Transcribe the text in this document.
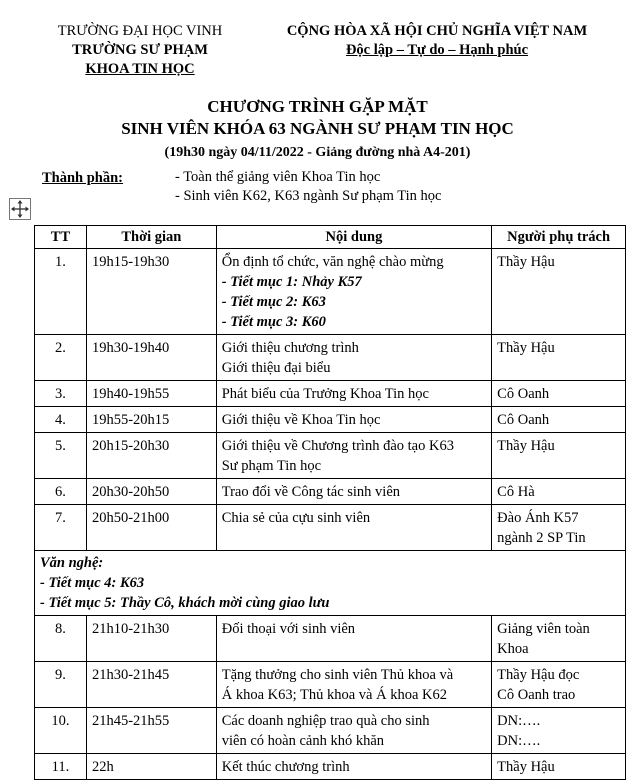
TRƯỜNG ĐẠI HỌC VINH
TRƯỜNG SƯ PHẠM
KHOA TIN HỌC
CỘNG HÒA XÃ HỘI CHỦ NGHĨA VIỆT NAM
Độc lập – Tự do – Hạnh phúc
CHƯƠNG TRÌNH GẶP MẶT
SINH VIÊN KHÓA 63 NGÀNH SƯ PHẠM TIN HỌC
(19h30 ngày 04/11/2022 - Giảng đường nhà A4-201)
Thành phần:	- Toàn thể giảng viên Khoa Tin học
- Sinh viên K62, K63 ngành Sư phạm Tin học
TT	Thời gian	Nội dung	Người phụ trách
1.	19h15-19h30	Ổn định tổ chức, văn nghệ chào mừng
- Tiết mục 1: Nhảy K57
- Tiết mục 2: K63
- Tiết mục 3: K60	Thầy Hậu

2.	19h30-19h40	Giới thiệu chương trình
Giới thiệu đại biểu	Thầy Hậu

3.	19h40-19h55	Phát biểu của Trưởng Khoa Tin học	Cô Oanh

4.	19h55-20h15	Giới thiệu về Khoa Tin học	Cô Oanh

5.	20h15-20h30	Giới thiệu về Chương trình đào tạo K63
Sư phạm Tin học	Thầy Hậu

6.	20h30-20h50	Trao đổi về Công tác sinh viên	Cô Hà

7.	20h50-21h00	Chia sẻ của cựu sinh viên	Đào Ánh K57
ngành 2 SP Tin

Văn nghệ:
- Tiết mục 4: K63
- Tiết mục 5: Thầy Cô, khách mời cùng giao lưu			

8.	21h10-21h30	Đối thoại với sinh viên	Giảng viên toàn
Khoa

9.	21h30-21h45	Tặng thưởng cho sinh viên Thủ khoa và
Á khoa K63; Thủ khoa và Á khoa K62	Thầy Hậu đọc
Cô Oanh trao

10.	21h45-21h55	Các doanh nghiệp trao quà cho sinh
viên có hoàn cảnh khó khăn	DN:….
DN:….

11.	22h	Kết thúc chương trình	Thầy Hậu
